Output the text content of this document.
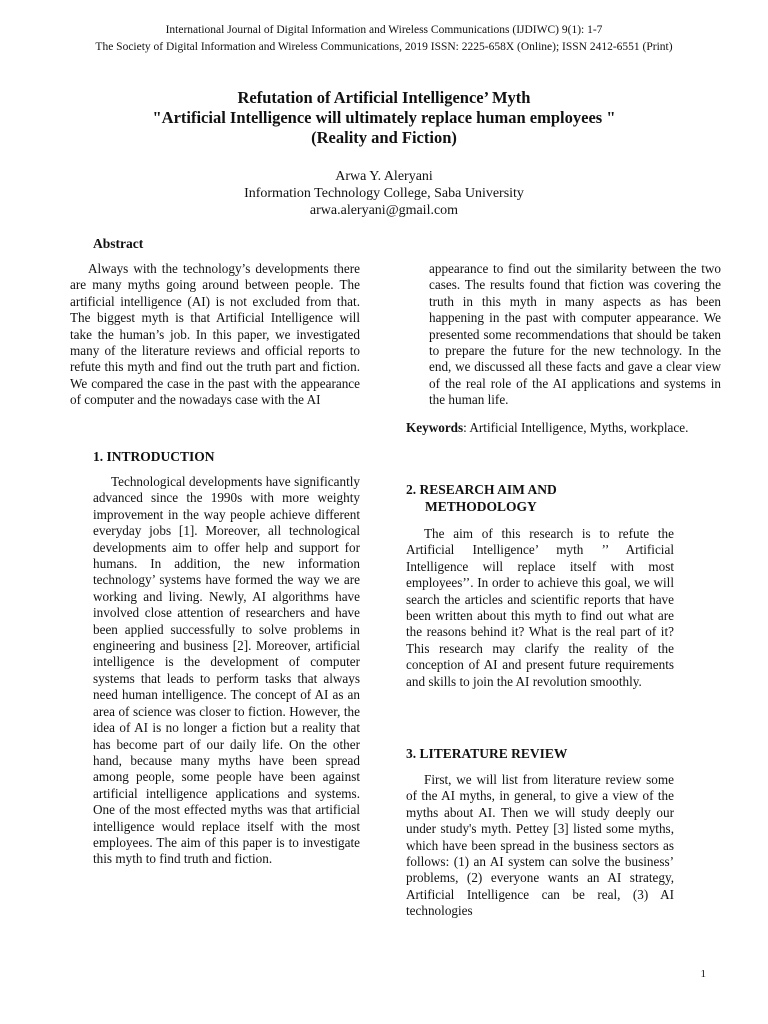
International Journal of Digital Information and Wireless Communications (IJDIWC) 9(1): 1-7
The Society of Digital Information and Wireless Communications, 2019 ISSN: 2225-658X (Online); ISSN 2412-6551 (Print)
Refutation of Artificial Intelligence’ Myth
"Artificial Intelligence will ultimately replace human employees "
(Reality and Fiction)
Arwa Y. Aleryani
Information Technology College, Saba University
arwa.aleryani@gmail.com
Abstract

Always with the technology’s developments there are many myths going around between people. The artificial intelligence (AI) is not excluded from that. The biggest myth is that Artificial Intelligence will take the human’s job. In this paper, we investigated many of the literature reviews and official reports to refute this myth and find out the truth part and fiction. We compared the case in the past with the appearance of computer and the nowadays case with the AI

Technological developments have significantly advanced since the 1990s with more weighty improvement in the way people achieve different everyday jobs [1]. Moreover, all technological developments aim to offer help and support for humans. In addition, the new information technology’ systems have formed the way we are working and living. Newly, AI algorithms have involved close attention of researchers and have been applied successfully to solve problems in engineering and business [2]. Moreover, artificial intelligence is the development of computer systems that leads to perform tasks that always need human intelligence. The concept of AI as an area of science was closer to fiction. However, the idea of AI is no longer a fiction but a reality that has become part of our daily life. On the other hand, because many myths have been spread among people, some people have been against artificial intelligence applications and systems. One of the most effected myths was that artificial intelligence would replace itself with the most employees. The aim of this paper is to investigate this myth to find truth and fiction.

1. INTRODUCTION

appearance to find out the similarity between the two cases. The results found that fiction was covering the truth in this myth in many aspects as has been happening in the past with computer appearance. We presented some recommendations that should be taken to prepare the future for the new technology. In the end, we discussed all these facts and gave a clear view of the real role of the AI applications and systems in the human life.

Keywords: Artificial Intelligence, Myths, workplace.

2. RESEARCH AIM AND
METHODOLOGY

The aim of this research is to refute the Artificial Intelligence’ myth ’’ Artificial Intelligence will replace itself with most employees’’. In order to achieve this goal, we will search the articles and scientific reports that have been written about this myth to find out what are the reasons behind it? What is the real part of it? This research may clarify the reality of the conception of AI and present future requirements and skills to join the AI revolution smoothly.

3. LITERATURE REVIEW

First, we will list from literature review some of the AI myths, in general, to give a view of the myths about AI. Then we will study deeply our under study's myth. Pettey [3] listed some myths, which have been spread in the business sectors as follows: (1) an AI system can solve the business’ problems, (2) everyone wants an AI strategy, Artificial Intelligence can be real, (3) AI technologies

1
